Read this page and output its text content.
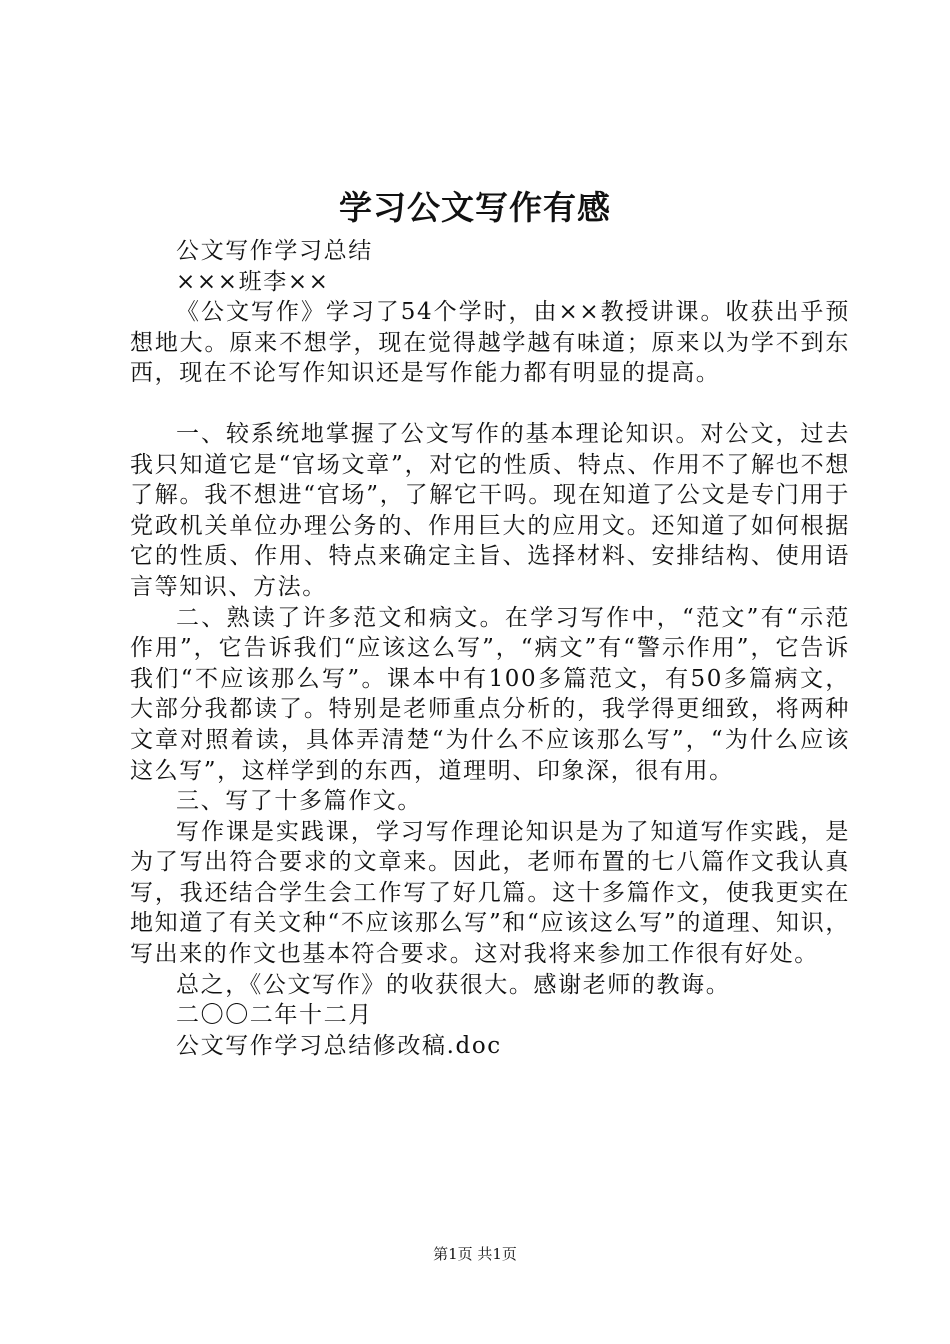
学习公文写作有感

公文写作学习总结

×××班李××

《公文写作》学习了54个学时，由××教授讲课。收获出乎预想地大。原来不想学，现在觉得越学越有味道；原来以为学不到东西，现在不论写作知识还是写作能力都有明显的提高。

一、较系统地掌握了公文写作的基本理论知识。对公文，过去我只知道它是“官场文章”，对它的性质、特点、作用不了解也不想了解。我不想进“官场”，了解它干吗。现在知道了公文是专门用于党政机关单位办理公务的、作用巨大的应用文。还知道了如何根据它的性质、作用、特点来确定主旨、选择材料、安排结构、使用语言等知识、方法。

二、熟读了许多范文和病文。在学习写作中，“范文”有“示范作用”，它告诉我们“应该这么写”，“病文”有“警示作用”，它告诉我们“不应该那么写”。课本中有100多篇范文，有50多篇病文，大部分我都读了。特别是老师重点分析的，我学得更细致，将两种文章对照着读，具体弄清楚“为什么不应该那么写”，“为什么应该这么写”，这样学到的东西，道理明、印象深，很有用。

三、写了十多篇作文。

写作课是实践课，学习写作理论知识是为了知道写作实践，是为了写出符合要求的文章来。因此，老师布置的七八篇作文我认真写，我还结合学生会工作写了好几篇。这十多篇作文，使我更实在地知道了有关文种“不应该那么写”和“应该这么写”的道理、知识，写出来的作文也基本符合要求。这对我将来参加工作很有好处。

总之，《公文写作》的收获很大。感谢老师的教诲。

二〇〇二年十二月

公文写作学习总结修改稿.doc

第1页 共1页
